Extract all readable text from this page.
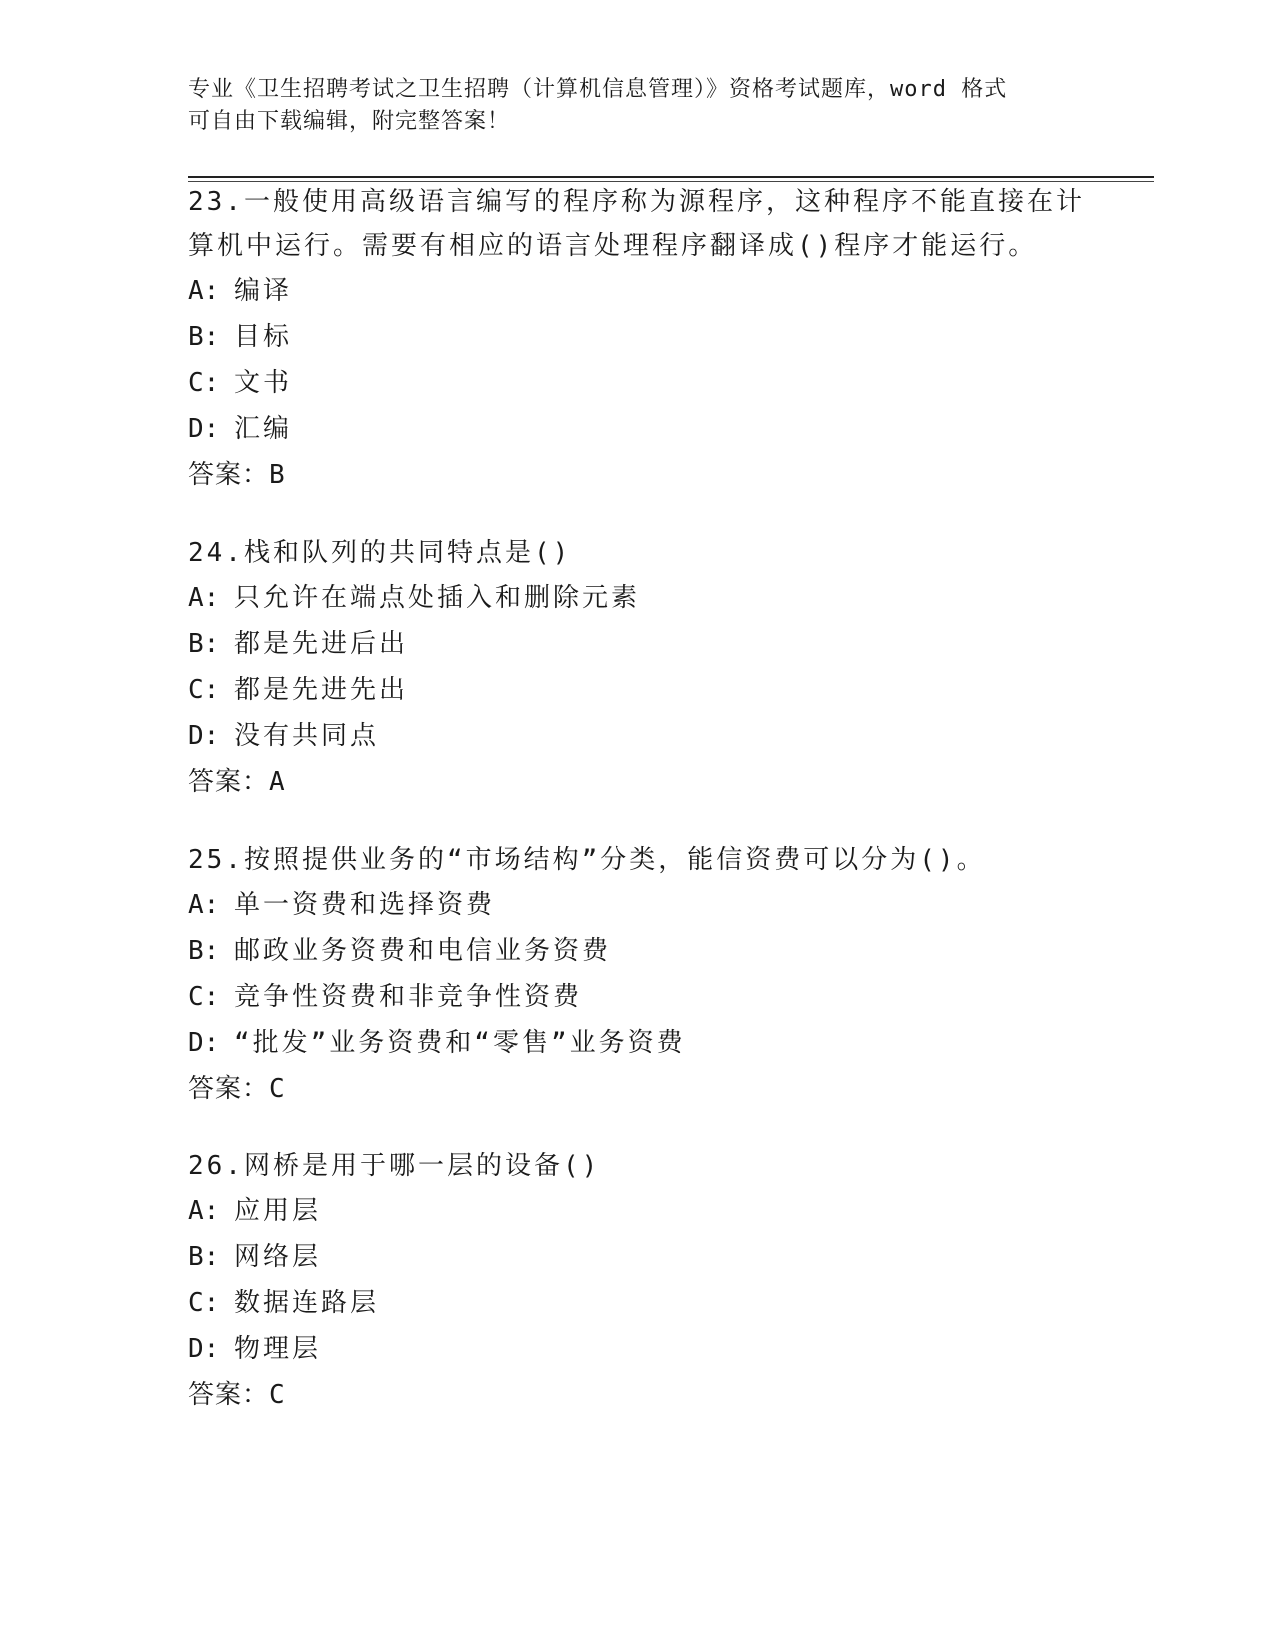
专业《卫生招聘考试之卫生招聘（计算机信息管理）》资格考试题库，word 格式
可自由下载编辑，附完整答案！
23.一般使用高级语言编写的程序称为源程序，这种程序不能直接在计
算机中运行。需要有相应的语言处理程序翻译成()程序才能运行。
A: 编译
B: 目标
C: 文书
D: 汇编
答案：B
24.栈和队列的共同特点是()
A: 只允许在端点处插入和删除元素
B: 都是先进后出
C: 都是先进先出
D: 没有共同点
答案：A
25.按照提供业务的“市场结构”分类，能信资费可以分为()。
A: 单一资费和选择资费
B: 邮政业务资费和电信业务资费
C: 竞争性资费和非竞争性资费
D: “批发”业务资费和“零售”业务资费
答案：C
26.网桥是用于哪一层的设备()
A: 应用层
B: 网络层
C: 数据连路层
D: 物理层
答案：C
